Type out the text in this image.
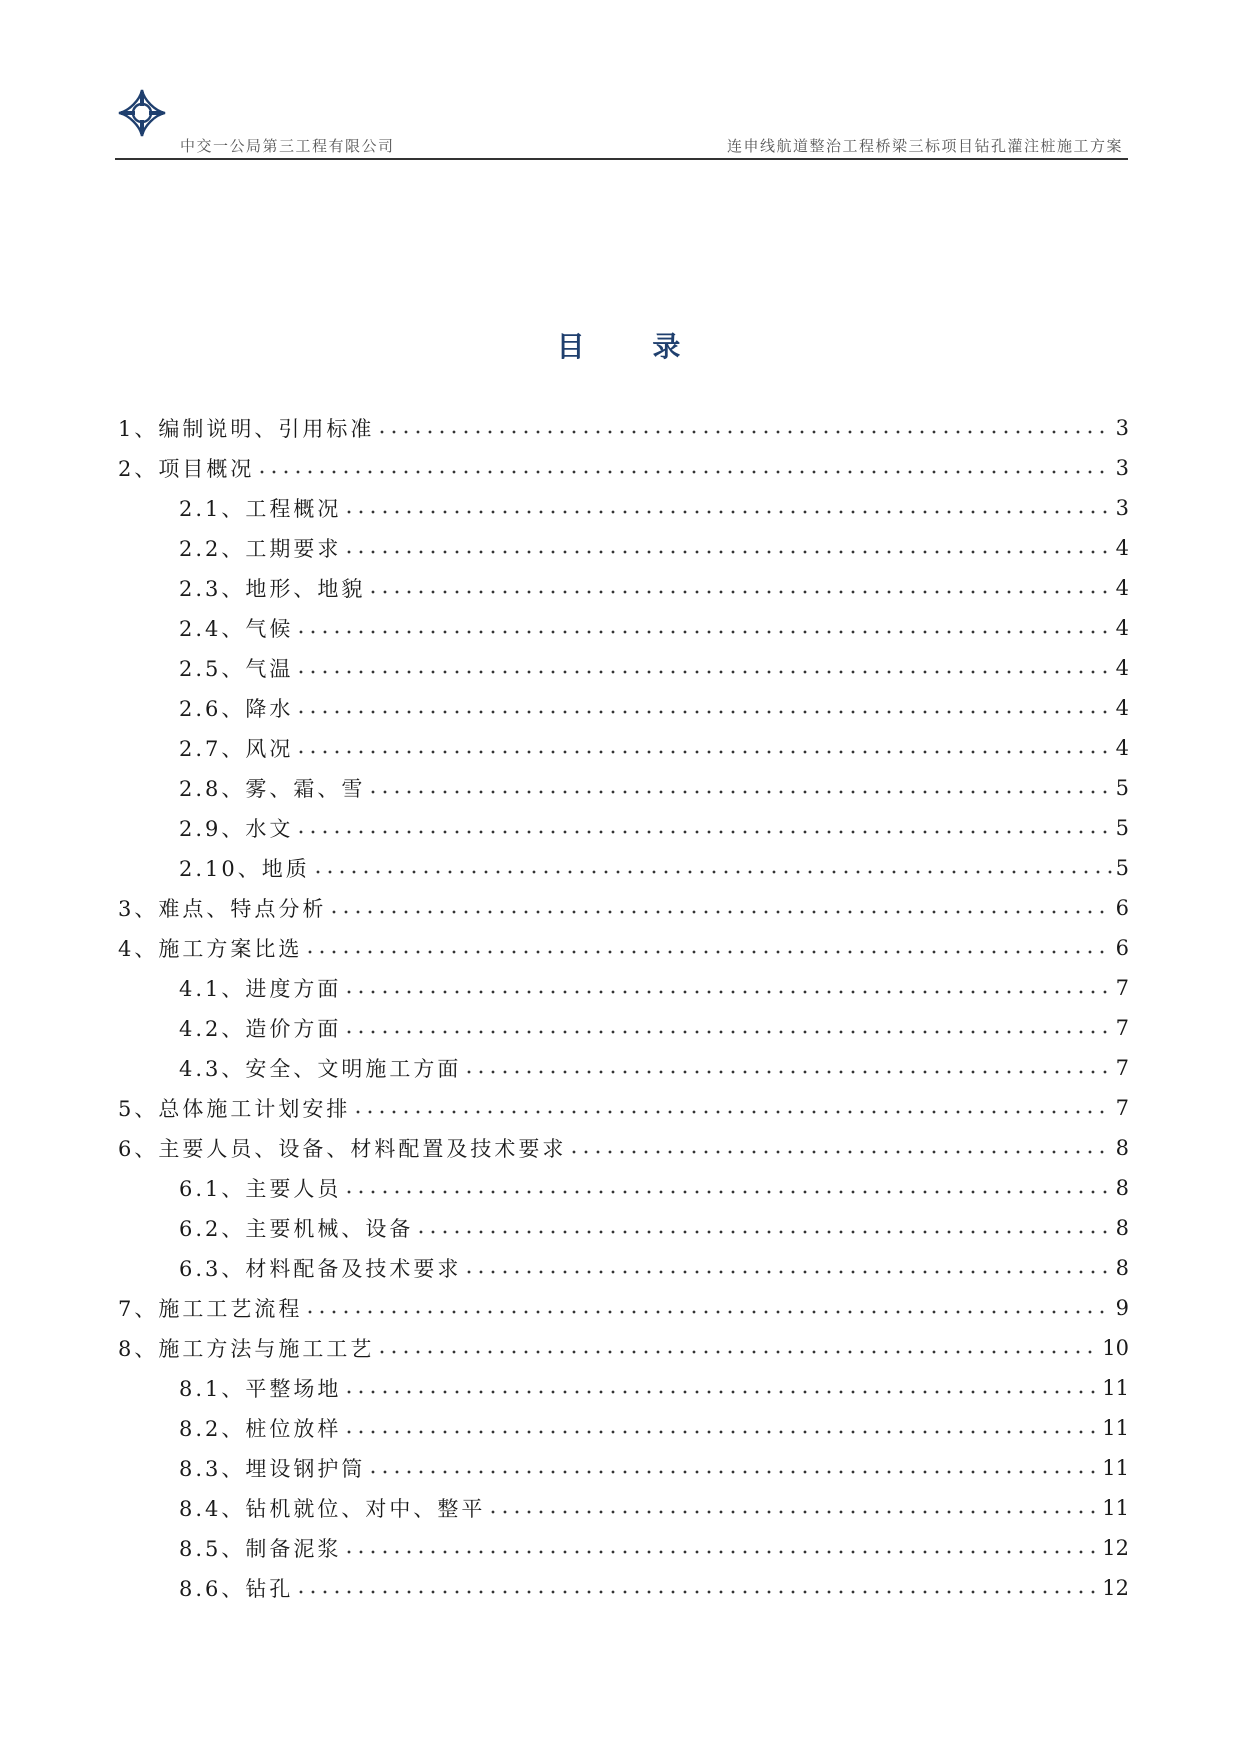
中交一公局第三工程有限公司	连申线航道整治工程桥梁三标项目钻孔灌注桩施工方案
目 录
1、编制说明、引用标准	3
2、项目概况	3
2.1、工程概况	3
2.2、工期要求	4
2.3、地形、地貌	4
2.4、气候	4
2.5、气温	4
2.6、降水	4
2.7、风况	4
2.8、雾、霜、雪	5
2.9、水文	5
2.10、地质	5
3、难点、特点分析	6
4、施工方案比选	6
4.1、进度方面	7
4.2、造价方面	7
4.3、安全、文明施工方面	7
5、总体施工计划安排	7
6、主要人员、设备、材料配置及技术要求	8
6.1、主要人员	8
6.2、主要机械、设备	8
6.3、材料配备及技术要求	8
7、施工工艺流程	9
8、施工方法与施工工艺	10
8.1、平整场地	11
8.2、桩位放样	11
8.3、埋设钢护筒	11
8.4、钻机就位、对中、整平	11
8.5、制备泥浆	12
8.6、钻孔	12
